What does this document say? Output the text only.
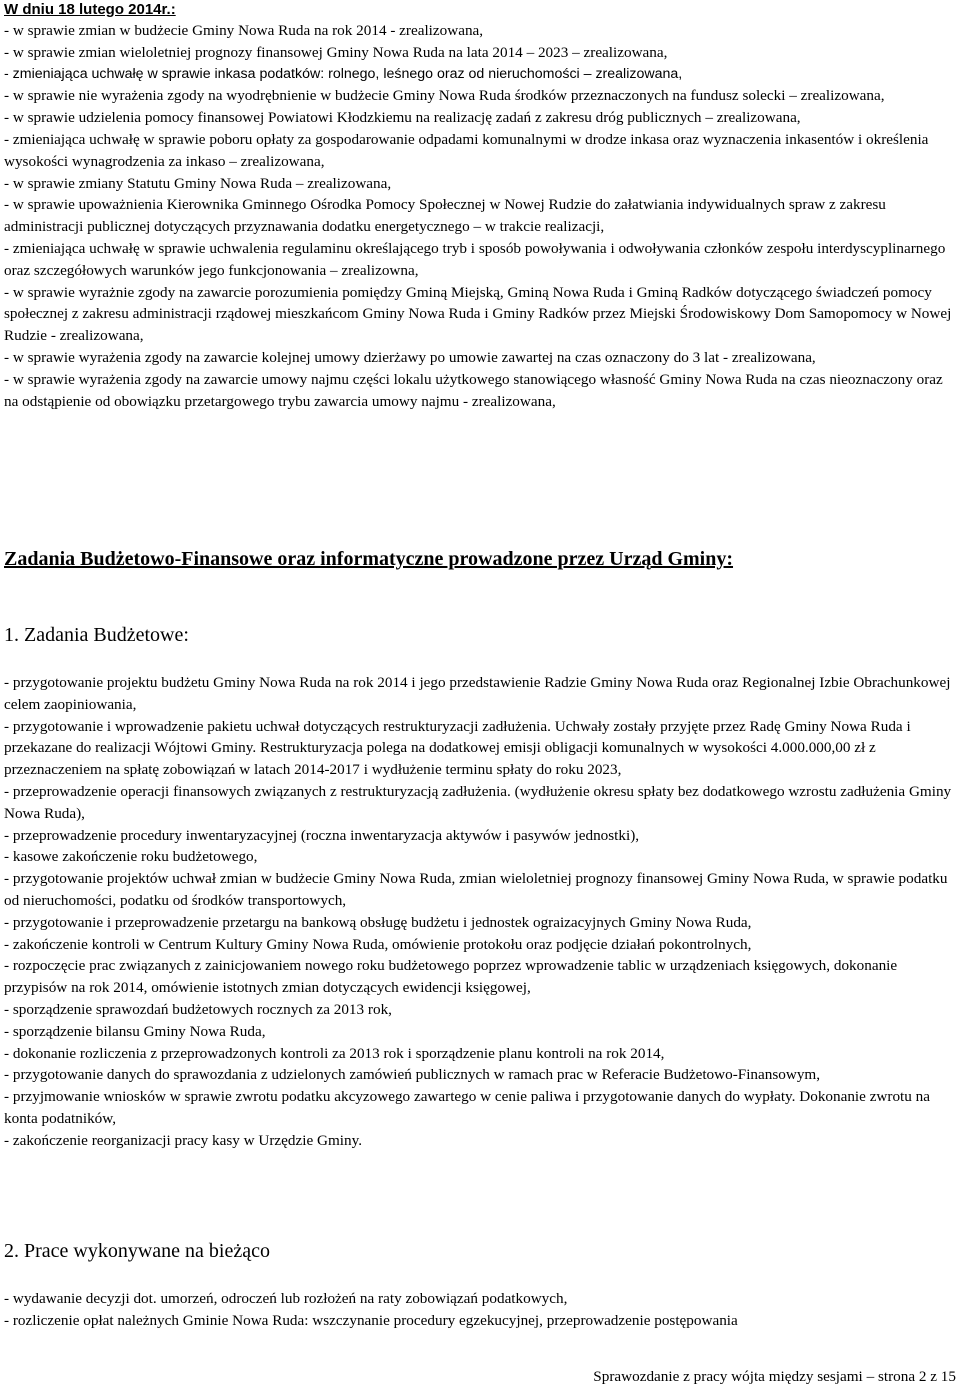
W dniu 18 lutego 2014r.:

- w sprawie zmian w budżecie Gminy Nowa Ruda na rok 2014 - zrealizowana,

- w sprawie zmian wieloletniej prognozy finansowej Gminy Nowa Ruda na lata 2014 – 2023 – zrealizowana,

- zmieniająca uchwałę w sprawie inkasa podatków: rolnego, leśnego oraz od nieruchomości – zrealizowana,

- w sprawie nie wyrażenia zgody na wyodrębnienie w budżecie Gminy Nowa Ruda środków przeznaczonych na fundusz solecki – zrealizowana,

- w sprawie udzielenia pomocy finansowej Powiatowi Kłodzkiemu na realizację zadań z zakresu dróg publicznych – zrealizowana,

- zmieniająca uchwałę w sprawie poboru opłaty za gospodarowanie odpadami komunalnymi w drodze inkasa oraz wyznaczenia inkasentów i określenia wysokości wynagrodzenia za inkaso – zrealizowana,

- w sprawie zmiany Statutu Gminy Nowa Ruda – zrealizowana,

- w sprawie upoważnienia Kierownika Gminnego Ośrodka Pomocy Społecznej w Nowej Rudzie do załatwiania indywidualnych spraw z zakresu administracji publicznej dotyczących przyznawania dodatku energetycznego – w trakcie realizacji,

- zmieniająca uchwałę w sprawie uchwalenia regulaminu określającego tryb i sposób powoływania i odwoływania członków zespołu interdyscyplinarnego oraz szczegółowych warunków jego funkcjonowania – zrealizowna,

- w sprawie wyrażnie zgody na zawarcie porozumienia pomiędzy Gminą Miejską, Gminą Nowa Ruda i Gminą Radków dotyczącego świadczeń pomocy społecznej z zakresu administracji rządowej mieszkańcom Gminy Nowa Ruda i Gminy Radków przez Miejski Środowiskowy Dom Samopomocy w Nowej Rudzie - zrealizowana,

- w sprawie wyrażenia zgody na zawarcie kolejnej umowy dzierżawy po umowie zawartej na czas oznaczony do 3 lat - zrealizowana,

- w sprawie wyrażenia zgody na zawarcie umowy najmu części lokalu użytkowego stanowiącego własność Gminy Nowa Ruda na czas nieoznaczony oraz na odstąpienie od obowiązku przetargowego trybu zawarcia umowy najmu - zrealizowana,

Zadania Budżetowo-Finansowe oraz informatyczne prowadzone przez Urząd Gminy:

1. Zadania Budżetowe:

- przygotowanie projektu budżetu Gminy Nowa Ruda na rok 2014 i jego przedstawienie Radzie Gminy Nowa Ruda oraz Regionalnej Izbie Obrachunkowej celem zaopiniowania,

- przygotowanie i wprowadzenie pakietu uchwał dotyczących restrukturyzacji zadłużenia. Uchwały zostały przyjęte przez Radę Gminy Nowa Ruda i przekazane do realizacji Wójtowi Gminy. Restrukturyzacja polega na dodatkowej emisji obligacji komunalnych w wysokości 4.000.000,00 zł z przeznaczeniem na spłatę zobowiązań w latach 2014-2017 i wydłużenie terminu spłaty do roku 2023,

- przeprowadzenie operacji finansowych związanych z restrukturyzacją zadłużenia. (wydłużenie okresu spłaty bez dodatkowego wzrostu zadłużenia Gminy Nowa Ruda),

- przeprowadzenie procedury inwentaryzacyjnej (roczna inwentaryzacja aktywów i pasywów jednostki),

- kasowe zakończenie roku budżetowego,

- przygotowanie projektów uchwał zmian w budżecie Gminy Nowa Ruda, zmian wieloletniej prognozy finansowej Gminy Nowa Ruda, w sprawie podatku od nieruchomości, podatku od środków transportowych,

- przygotowanie i przeprowadzenie przetargu na bankową obsługę budżetu i jednostek ograizacyjnych Gminy Nowa Ruda,

- zakończenie kontroli w Centrum Kultury Gminy Nowa Ruda, omówienie protokołu oraz podjęcie działań pokontrolnych,

- rozpoczęcie prac związanych z zainicjowaniem nowego roku budżetowego poprzez wprowadzenie tablic w urządzeniach księgowych, dokonanie przypisów na rok 2014, omówienie istotnych zmian dotyczących ewidencji księgowej,

- sporządzenie sprawozdań budżetowych rocznych za 2013 rok,

- sporządzenie bilansu Gminy Nowa Ruda,

- dokonanie rozliczenia z przeprowadzonych kontroli za 2013 rok i sporządzenie planu kontroli na rok 2014,

- przygotowanie danych do sprawozdania z udzielonych zamówień publicznych w ramach prac w Referacie Budżetowo-Finansowym,

- przyjmowanie wniosków w sprawie zwrotu podatku akcyzowego zawartego w cenie paliwa i przygotowanie danych do wypłaty. Dokonanie zwrotu na konta podatników,

- zakończenie reorganizacji pracy kasy w Urzędzie Gminy.

2. Prace wykonywane na bieżąco

- wydawanie decyzji dot. umorzeń, odroczeń lub rozłożeń na raty zobowiązań podatkowych,

- rozliczenie opłat należnych Gminie Nowa Ruda: wszczynanie procedury egzekucyjnej, przeprowadzenie postępowania

Sprawozdanie z pracy wójta między sesjami – strona 2 z 15
